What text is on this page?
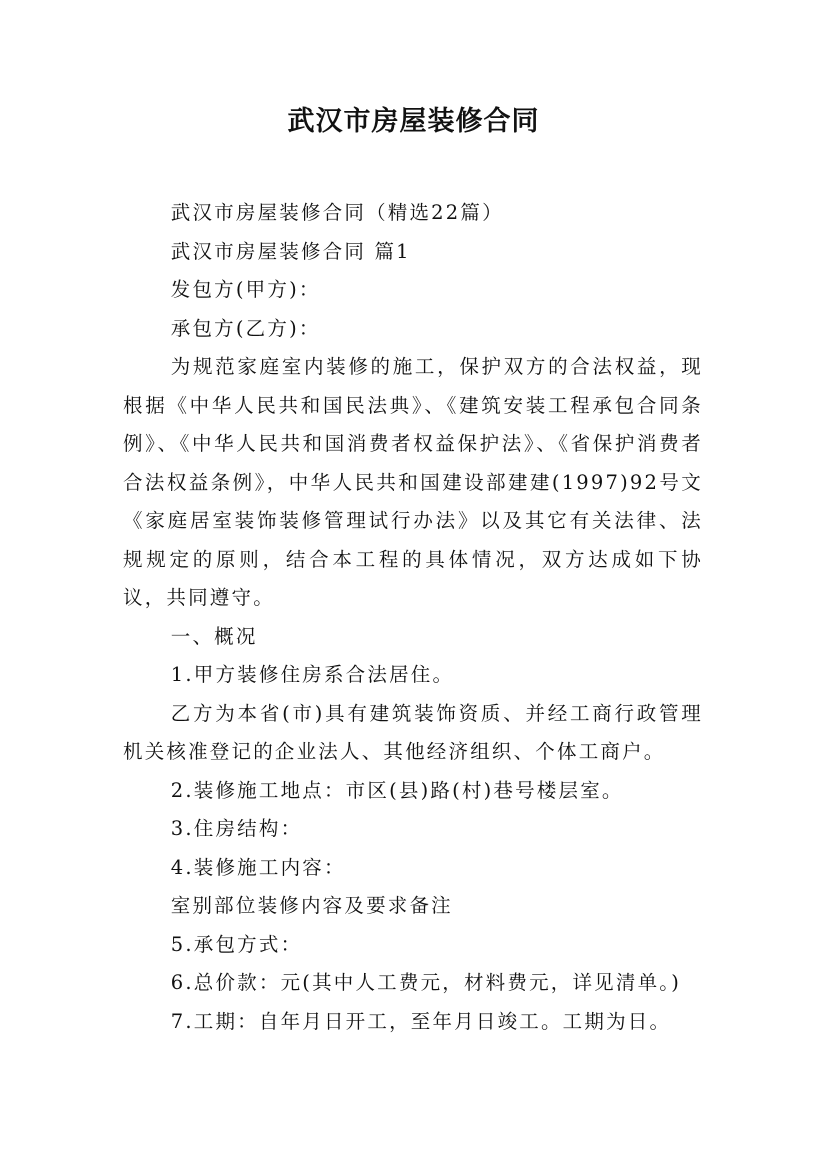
武汉市房屋装修合同

武汉市房屋装修合同（精选22篇）

武汉市房屋装修合同 篇1

发包方(甲方)：

承包方(乙方)：

为规范家庭室内装修的施工，保护双方的合法权益，现根据《中华人民共和国民法典》、《建筑安装工程承包合同条例》、《中华人民共和国消费者权益保护法》、《省保护消费者合法权益条例》，中华人民共和国建设部建建(1997)92号文《家庭居室装饰装修管理试行办法》以及其它有关法律、法规规定的原则，结合本工程的具体情况，双方达成如下协议，共同遵守。

一、概况

1.甲方装修住房系合法居住。

乙方为本省(市)具有建筑装饰资质、并经工商行政管理机关核准登记的企业法人、其他经济组织、个体工商户。

2.装修施工地点：市区(县)路(村)巷号楼层室。

3.住房结构：

4.装修施工内容：

室别部位装修内容及要求备注

5.承包方式：

6.总价款：元(其中人工费元，材料费元，详见清单。)

7.工期：自年月日开工，至年月日竣工。工期为日。
